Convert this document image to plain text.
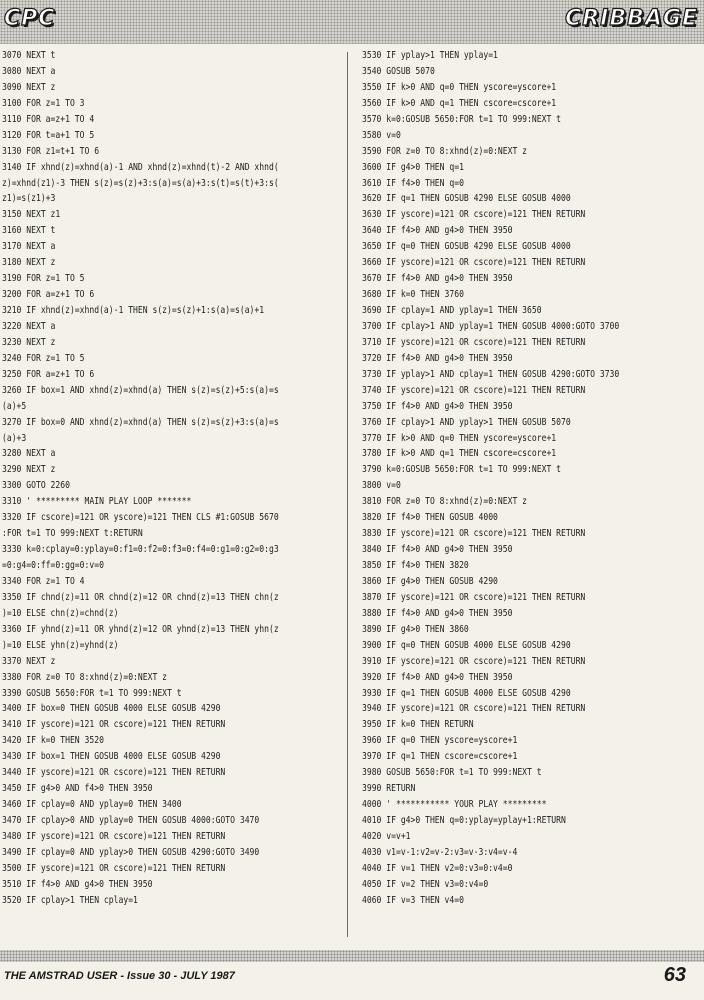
CPC	CRIBBAGE
3070 NEXT t
3080 NEXT a
3090 NEXT z
3100 FOR z=1 TO 3
3110 FOR a=z+1 TO 4
3120 FOR t=a+1 TO 5
3130 FOR z1=t+1 TO 6
3140 IF xhnd(z)=xhnd(a)-1 AND xhnd(z)=xhnd(t)-2 AND xhnd(
z)=xhnd(z1)-3 THEN s(z)=s(z)+3:s(a)=s(a)+3:s(t)=s(t)+3:s(
z1)=s(z1)+3
3150 NEXT z1
3160 NEXT t
3170 NEXT a
3180 NEXT z
3190 FOR z=1 TO 5
3200 FOR a=z+1 TO 6
3210 IF xhnd(z)=xhnd(a)-1 THEN s(z)=s(z)+1:s(a)=s(a)+1
3220 NEXT a
3230 NEXT z
3240 FOR z=1 TO 5
3250 FOR a=z+1 TO 6
3260 IF box=1 AND xhnd(z)=xhnd(a) THEN s(z)=s(z)+5:s(a)=s
(a)+5
3270 IF box=0 AND xhnd(z)=xhnd(a) THEN s(z)=s(z)+3:s(a)=s
(a)+3
3280 NEXT a
3290 NEXT z
3300 GOTO 2260
3310 ' ********* MAIN PLAY LOOP *******
3320 IF cscore)=121 OR yscore)=121 THEN CLS #1:GOSUB 5670
:FOR t=1 TO 999:NEXT t:RETURN
3330 k=0:cplay=0:yplay=0:f1=0:f2=0:f3=0:f4=0:g1=0:g2=0:g3
=0:g4=0:ff=0:gg=0:v=0
3340 FOR z=1 TO 4
3350 IF chnd(z)=11 OR chnd(z)=12 OR chnd(z)=13 THEN chn(z
)=10 ELSE chn(z)=chnd(z)
3360 IF yhnd(z)=11 OR yhnd(z)=12 OR yhnd(z)=13 THEN yhn(z
)=10 ELSE yhn(z)=yhnd(z)
3370 NEXT z
3380 FOR z=0 TO 8:xhnd(z)=0:NEXT z
3390 GOSUB 5650:FOR t=1 TO 999:NEXT t
3400 IF box=0 THEN GOSUB 4000 ELSE GOSUB 4290
3410 IF yscore)=121 OR cscore)=121 THEN RETURN
3420 IF k=0 THEN 3520
3430 IF box=1 THEN GOSUB 4000 ELSE GOSUB 4290
3440 IF yscore)=121 OR cscore)=121 THEN RETURN
3450 IF g4>0 AND f4>0 THEN 3950
3460 IF cplay=0 AND yplay=0 THEN 3400
3470 IF cplay>0 AND yplay=0 THEN GOSUB 4000:GOTO 3470
3480 IF yscore)=121 OR cscore)=121 THEN RETURN
3490 IF cplay=0 AND yplay>0 THEN GOSUB 4290:GOTO 3490
3500 IF yscore)=121 OR cscore)=121 THEN RETURN
3510 IF f4>0 AND g4>0 THEN 3950
3520 IF cplay>1 THEN cplay=1
3530 IF yplay>1 THEN yplay=1
3540 GOSUB 5070
3550 IF k>0 AND q=0 THEN yscore=yscore+1
3560 IF k>0 AND q=1 THEN cscore=cscore+1
3570 k=0:GOSUB 5650:FOR t=1 TO 999:NEXT t
3580 v=0
3590 FOR z=0 TO 8:xhnd(z)=0:NEXT z
3600 IF g4>0 THEN q=1
3610 IF f4>0 THEN q=0
3620 IF q=1 THEN GOSUB 4290 ELSE GOSUB 4000
3630 IF yscore)=121 OR cscore)=121 THEN RETURN
3640 IF f4>0 AND g4>0 THEN 3950
3650 IF q=0 THEN GOSUB 4290 ELSE GOSUB 4000
3660 IF yscore)=121 OR cscore)=121 THEN RETURN
3670 IF f4>0 AND g4>0 THEN 3950
3680 IF k=0 THEN 3760
3690 IF cplay=1 AND yplay=1 THEN 3650
3700 IF cplay>1 AND yplay=1 THEN GOSUB 4000:GOTO 3700
3710 IF yscore)=121 OR cscore)=121 THEN RETURN
3720 IF f4>0 AND g4>0 THEN 3950
3730 IF yplay>1 AND cplay=1 THEN GOSUB 4290:GOTO 3730
3740 IF yscore)=121 OR cscore)=121 THEN RETURN
3750 IF f4>0 AND g4>0 THEN 3950
3760 IF cplay>1 AND yplay>1 THEN GOSUB 5070
3770 IF k>0 AND q=0 THEN yscore=yscore+1
3780 IF k>0 AND q=1 THEN cscore=cscore+1
3790 k=0:GOSUB 5650:FOR t=1 TO 999:NEXT t
3800 v=0
3810 FOR z=0 TO 8:xhnd(z)=0:NEXT z
3820 IF f4>0 THEN GOSUB 4000
3830 IF yscore)=121 OR cscore)=121 THEN RETURN
3840 IF f4>0 AND g4>0 THEN 3950
3850 IF f4>0 THEN 3820
3860 IF g4>0 THEN GOSUB 4290
3870 IF yscore)=121 OR cscore)=121 THEN RETURN
3880 IF f4>0 AND g4>0 THEN 3950
3890 IF g4>0 THEN 3860
3900 IF q=0 THEN GOSUB 4000 ELSE GOSUB 4290
3910 IF yscore)=121 OR cscore)=121 THEN RETURN
3920 IF f4>0 AND g4>0 THEN 3950
3930 IF q=1 THEN GOSUB 4000 ELSE GOSUB 4290
3940 IF yscore)=121 OR cscore)=121 THEN RETURN
3950 IF k=0 THEN RETURN
3960 IF q=0 THEN yscore=yscore+1
3970 IF q=1 THEN cscore=cscore+1
3980 GOSUB 5650:FOR t=1 TO 999:NEXT t
3990 RETURN
4000 ' *********** YOUR PLAY *********
4010 IF g4>0 THEN q=0:yplay=yplay+1:RETURN
4020 v=v+1
4030 v1=v-1:v2=v-2:v3=v-3:v4=v-4
4040 IF v=1 THEN v2=0:v3=0:v4=0
4050 IF v=2 THEN v3=0:v4=0
4060 IF v=3 THEN v4=0
THE AMSTRAD USER - Issue 30 - JULY 1987	63
